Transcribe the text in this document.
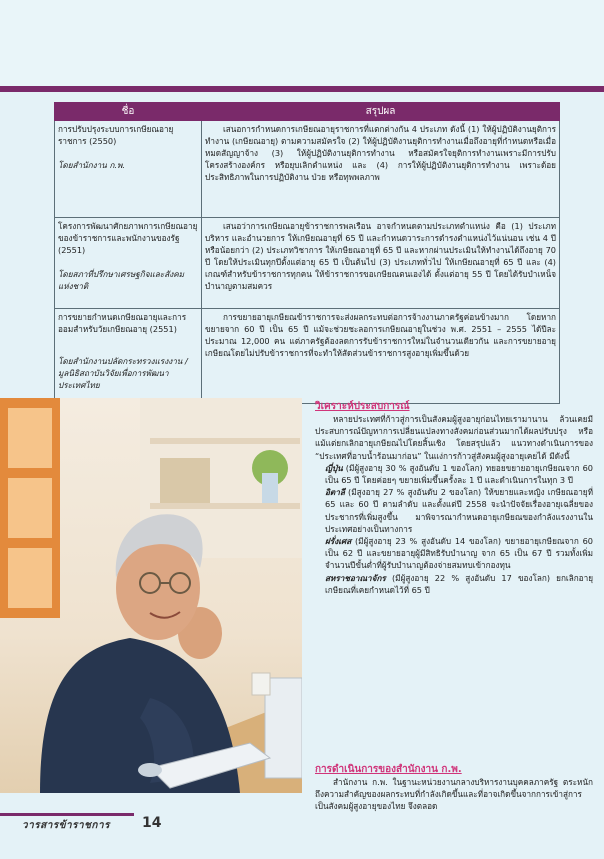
ชื่อ	สรุปผล
การปรับปรุงระบบการเกษียณอายุราชการ (2550)
โดยสำนักงาน ก.พ.	เสนอการกำหนดการเกษียณอายุราชการที่แตกต่างกัน 4 ประเภท ดังนี้ (1) ให้ผู้ปฏิบัติงานยุติการทำงาน (เกษียณอายุ) ตามความสมัครใจ (2) ให้ผู้ปฏิบัติงานยุติการทำงานเมื่อถึงอายุที่กำหนดหรือเมื่อหมดสัญญาจ้าง (3) ให้ผู้ปฏิบัติงานยุติการทำงาน หรือสมัครใจยุติการทำงานเพราะมีการปรับโครงสร้างองค์กร หรือยุบเลิกตำแหน่ง และ (4) การให้ผู้ปฏิบัติงานยุติการทำงาน เพราะด้อยประสิทธิภาพในการปฏิบัติงาน ป่วย หรือทุพพลภาพ

โครงการพัฒนาศักยภาพการเกษียณอายุของข้าราชการและพนักงานของรัฐ (2551)
โดยสภาที่ปรึกษาเศรษฐกิจและสังคมแห่งชาติ	เสนอว่าการเกษียณอายุข้าราชการพลเรือน อาจกำหนดตามประเภทตำแหน่ง คือ (1) ประเภทบริหาร และอำนวยการ ให้เกษียณอายุที่ 65 ปี และกำหนดวาระการดำรงตำแหน่งไว้แน่นอน เช่น 4 ปีหรือน้อยกว่า (2) ประเภทวิชาการ ให้เกษียณอายุที่ 65 ปี และหากผ่านประเมินให้ทำงานได้ถึงอายุ 70 ปี โดยให้ประเมินทุกปีตั้งแต่อายุ 65 ปี เป็นต้นไป (3) ประเภททั่วไป ให้เกษียณอายุที่ 65 ปี และ (4) เกณฑ์สำหรับข้าราชการทุกคน ให้ข้าราชการขอเกษียณตนเองได้ ตั้งแต่อายุ 55 ปี โดยได้รับบำเหน็จบำนาญตามสมควร

การขยายกำหนดเกษียณอายุและการออมสำหรับวัยเกษียณอายุ (2551)
โดยสำนักงานปลัดกระทรวงแรงงาน / มูลนิธิสถาบันวิจัยเพื่อการพัฒนาประเทศไทย	การขยายอายุเกษียณข้าราชการจะส่งผลกระทบต่อการจ้างงานภาครัฐค่อนข้างมาก โดยหากขยายจาก 60 ปี เป็น 65 ปี แม้จะช่วยชะลอการเกษียณอายุในช่วง พ.ศ. 2551 – 2555 ได้ปีละประมาณ 12,000 คน แต่ภาครัฐต้องลดการรับข้าราชการใหม่ในจำนวนเดียวกัน และการขยายอายุเกษียณโดยไม่ปรับข้าราชการที่จะทำให้สัดส่วนข้าราชการสูงอายุเพิ่มขึ้นด้วย
วิเคราะห์ประสบการณ์

หลายประเทศที่ก้าวสู่การเป็นสังคมผู้สูงอายุก่อนไทยเรามานาน ล้วนเคยมีประสบการณ์ปัญหาการเปลี่ยนแปลงทางสังคมก่อนส่วนมากได้ผลปรับปรุง หรือแม้แต่ยกเลิกอายุเกษียณไปโดยสิ้นเชิง โดยสรุปแล้ว แนวทางดำเนินการของ “ประเทศที่อาบน้ำร้อนมาก่อน” ในแง่การก้าวสู่สังคมผู้สูงอายุเคยได้ มีดังนี้

ญี่ปุ่น (มีผู้สูงอายุ 30 % สูงอันดับ 1 ของโลก) ทยอยขยายอายุเกษียณจาก 60 เป็น 65 ปี โดยค่อยๆ ขยายเพิ่มขึ้นครั้งละ 1 ปี และดำเนินการในทุก 3 ปี

อิตาลี (มีสูงอายุ 27 % สูงอันดับ 2 ของโลก) ให้ขยายและหญิง เกษียณอายุที่ 65 และ 60 ปี ตามลำดับ และตั้งแต่ปี 2558 จะนำปัจจัยเรื่องอายุเฉลี่ยของประชากรที่เพิ่มสูงขึ้น มาพิจารณากำหนดอายุเกษียณของกำลังแรงงานในประเทศอย่างเป็นทางการ

ฝรั่งเศส (มีผู้สูงอายุ 23 % สูงอันดับ 14 ของโลก) ขยายอายุเกษียณจาก 60 เป็น 62 ปี และขยายอายุผู้มีสิทธิรับบำนาญ จาก 65 เป็น 67 ปี รวมทั้งเพิ่มจำนวนปีขั้นต่ำที่ผู้รับบำนาญต้องจ่ายสมทบเข้ากองทุน

สหราชอาณาจักร (มีผู้สูงอายุ 22 % สูงอันดับ 17 ของโลก) ยกเลิกอายุเกษียณที่เคยกำหนดไว้ที่ 65 ปี

การดำเนินการของสำนักงาน ก.พ.

สำนักงาน ก.พ. ในฐานะหน่วยงานกลางบริหารงานบุคคลภาครัฐ ตระหนักถึงความสำคัญของผลกระทบที่กำลังเกิดขึ้นและที่อาจเกิดขึ้นจากการเข้าสู่การเป็นสังคมผู้สูงอายุของไทย จึงตลอด

วารสารข้าราชการ 14
